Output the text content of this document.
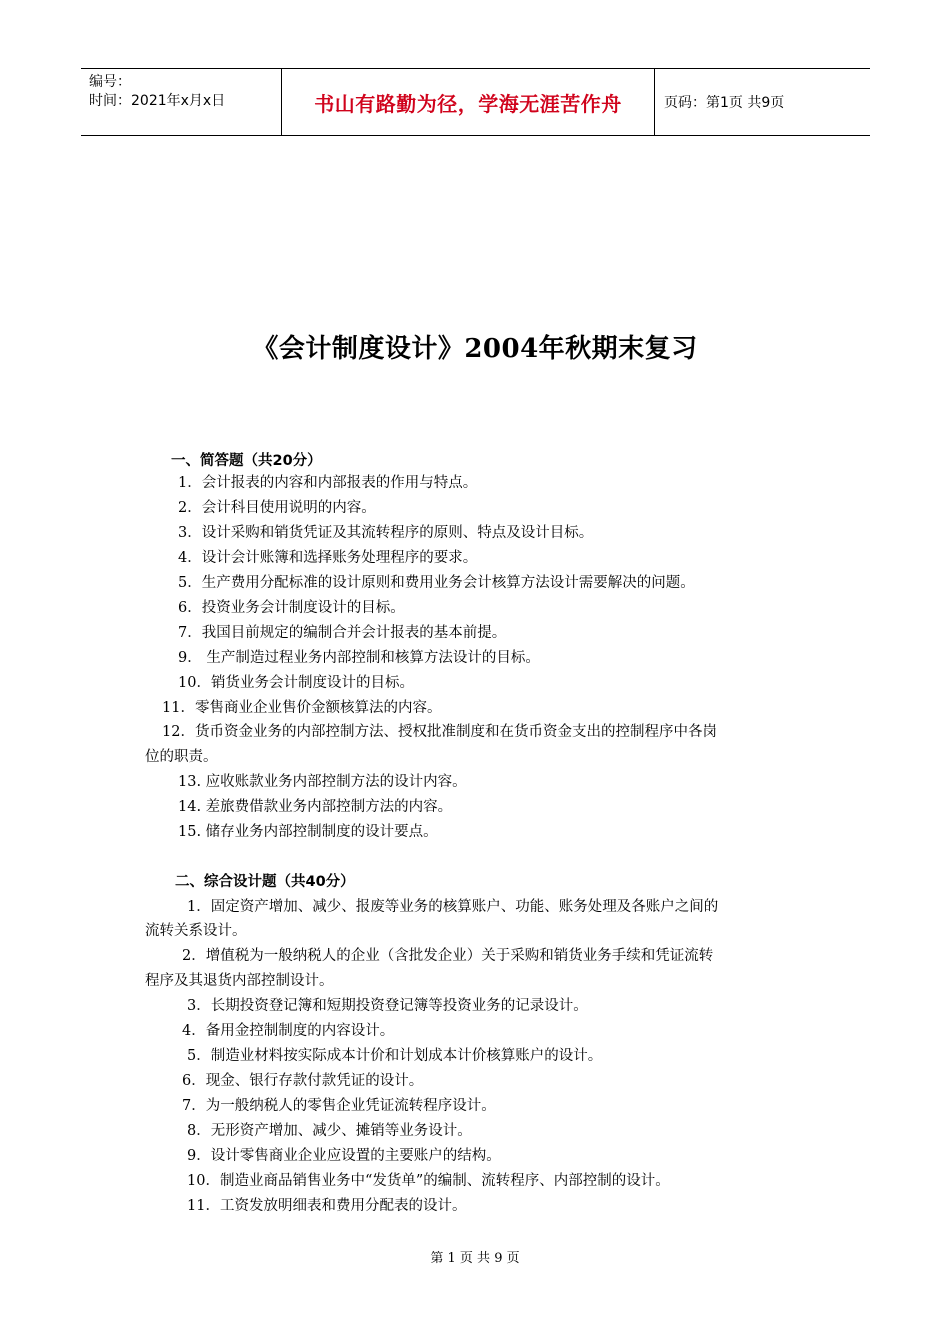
编号：
时间：2021年x月x日	书山有路勤为径，学海无涯苦作舟	页码：第1页 共9页
《会计制度设计》2004年秋期末复习
一、简答题（共20分）
1．会计报表的内容和内部报表的作用与特点。
2．会计科目使用说明的内容。
3．设计采购和销货凭证及其流转程序的原则、特点及设计目标。
4．设计会计账簿和选择账务处理程序的要求。
5．生产费用分配标准的设计原则和费用业务会计核算方法设计需要解决的问题。
6．投资业务会计制度设计的目标。
7．我国目前规定的编制合并会计报表的基本前提。
9． 生产制造过程业务内部控制和核算方法设计的目标。
10．销货业务会计制度设计的目标。
11．零售商业企业售价金额核算法的内容。
12．货币资金业务的内部控制方法、授权批准制度和在货币资金支出的控制程序中各岗
位的职责。
13. 应收账款业务内部控制方法的设计内容。
14. 差旅费借款业务内部控制方法的内容。
15. 储存业务内部控制制度的设计要点。
二、综合设计题（共40分）
1．固定资产增加、减少、报废等业务的核算账户、功能、账务处理及各账户之间的
流转关系设计。
2．增值税为一般纳税人的企业（含批发企业）关于采购和销货业务手续和凭证流转
程序及其退货内部控制设计。
3．长期投资登记簿和短期投资登记簿等投资业务的记录设计。
4．备用金控制制度的内容设计。
5．制造业材料按实际成本计价和计划成本计价核算账户的设计。
6．现金、银行存款付款凭证的设计。
7．为一般纳税人的零售企业凭证流转程序设计。
8．无形资产增加、减少、摊销等业务设计。
9．设计零售商业企业应设置的主要账户的结构。
10．制造业商品销售业务中“发货单”的编制、流转程序、内部控制的设计。
11．工资发放明细表和费用分配表的设计。
第 1 页 共 9 页
